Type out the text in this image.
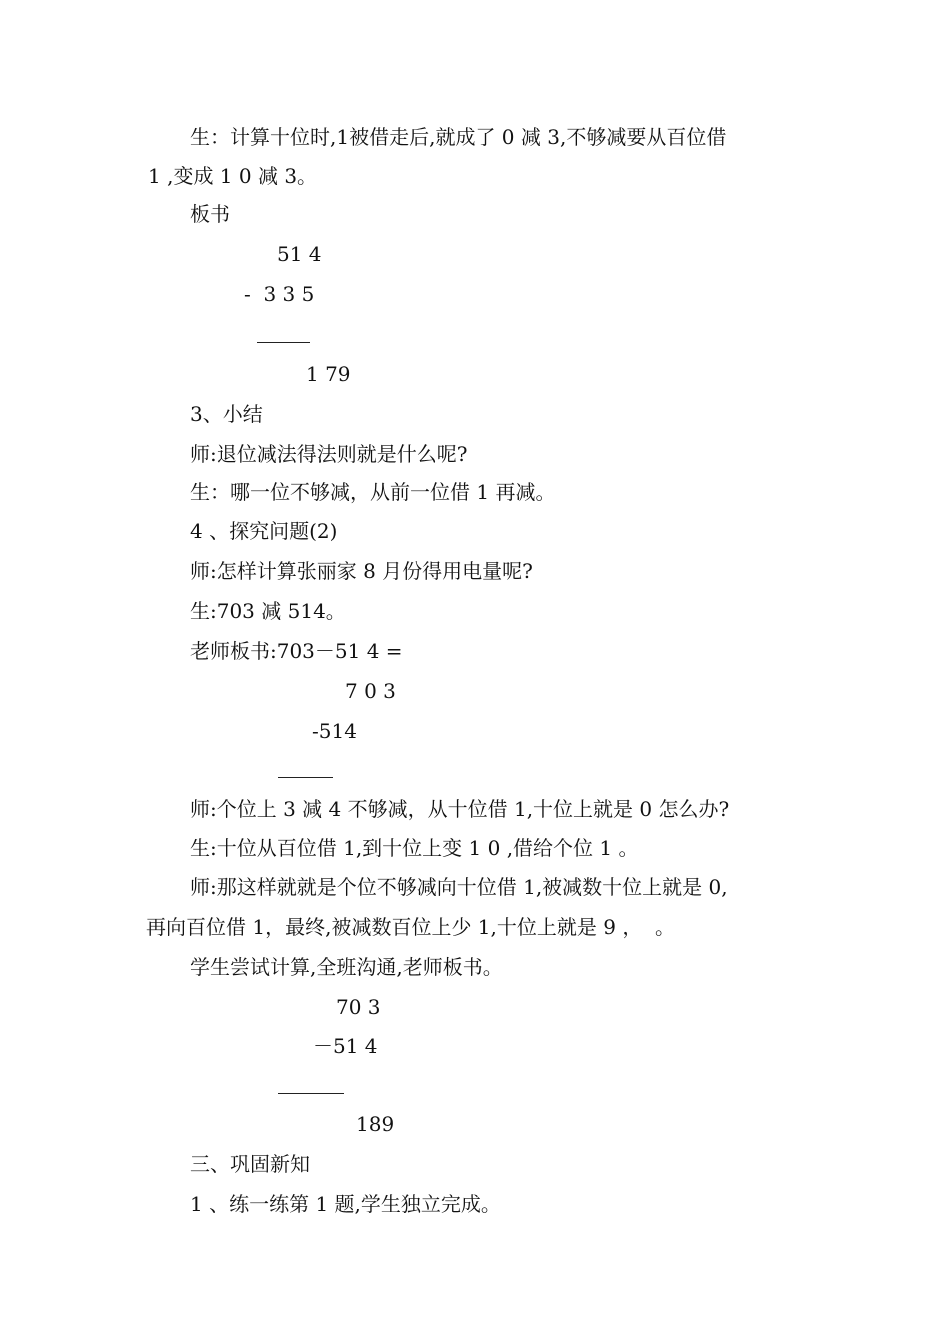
生：计算十位时,1被借走后,就成了 0 减 3,不够减要从百位借
1 ,变成 1 0 减 3。
板书
51 4
-  3 3 5
1 79
3、小结
师:退位减法得法则就是什么呢?
生：哪一位不够减，从前一位借 1 再减。
4 、探究问题(2)
师:怎样计算张丽家 8 月份得用电量呢?
生:703 减 514。
老师板书:703－51 4 =
7 0 3
-514
师:个位上 3 减 4 不够减，从十位借 1,十位上就是 0 怎么办?
生:十位从百位借 1,到十位上变 1 0 ,借给个位 1 。
师:那这样就就是个位不够减向十位借 1,被减数十位上就是 0,
再向百位借 1，最终,被减数百位上少 1,十位上就是 9 ，  。
学生尝试计算,全班沟通,老师板书。
70 3
－51 4
189
三、巩固新知
1 、练一练第 1 题,学生独立完成。
